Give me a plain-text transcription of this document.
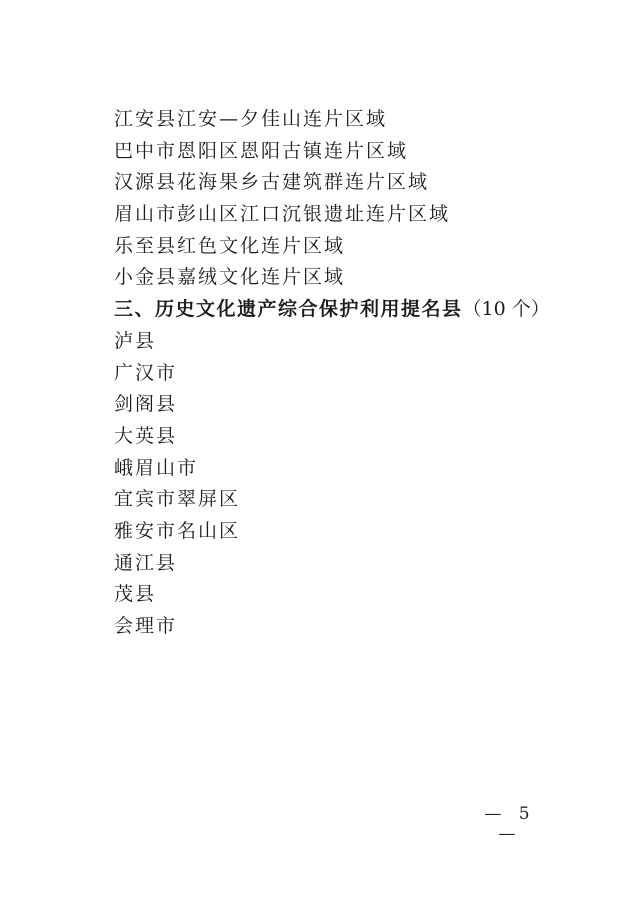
江安县江安—夕佳山连片区域
巴中市恩阳区恩阳古镇连片区域
汉源县花海果乡古建筑群连片区域
眉山市彭山区江口沉银遗址连片区域
乐至县红色文化连片区域
小金县嘉绒文化连片区域
三、历史文化遗产综合保护利用提名县（10 个）
泸县
广汉市
剑阁县
大英县
峨眉山市
宜宾市翠屏区
雅安市名山区
通江县
茂县
会理市
— 5 —
